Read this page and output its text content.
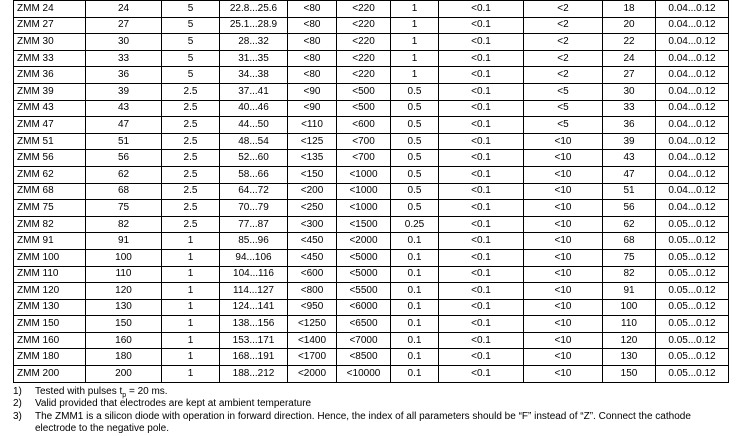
ZMM 24	24	5	22.8...25.6	<80	<220	1	<0.1	<2	18	0.04...0.12
ZMM 27	27	5	25.1...28.9	<80	<220	1	<0.1	<2	20	0.04...0.12
ZMM 30	30	5	28...32	<80	<220	1	<0.1	<2	22	0.04...0.12
ZMM 33	33	5	31...35	<80	<220	1	<0.1	<2	24	0.04...0.12
ZMM 36	36	5	34...38	<80	<220	1	<0.1	<2	27	0.04...0.12
ZMM 39	39	2.5	37...41	<90	<500	0.5	<0.1	<5	30	0.04...0.12
ZMM 43	43	2.5	40...46	<90	<500	0.5	<0.1	<5	33	0.04...0.12
ZMM 47	47	2.5	44...50	<110	<600	0.5	<0.1	<5	36	0.04...0.12
ZMM 51	51	2.5	48...54	<125	<700	0.5	<0.1	<10	39	0.04...0.12
ZMM 56	56	2.5	52...60	<135	<700	0.5	<0.1	<10	43	0.04...0.12
ZMM 62	62	2.5	58...66	<150	<1000	0.5	<0.1	<10	47	0.04...0.12
ZMM 68	68	2.5	64...72	<200	<1000	0.5	<0.1	<10	51	0.04...0.12
ZMM 75	75	2.5	70...79	<250	<1000	0.5	<0.1	<10	56	0.04...0.12
ZMM 82	82	2.5	77...87	<300	<1500	0.25	<0.1	<10	62	0.05...0.12
ZMM 91	91	1	85...96	<450	<2000	0.1	<0.1	<10	68	0.05...0.12
ZMM 100	100	1	94...106	<450	<5000	0.1	<0.1	<10	75	0.05...0.12
ZMM 110	110	1	104...116	<600	<5000	0.1	<0.1	<10	82	0.05...0.12
ZMM 120	120	1	114...127	<800	<5500	0.1	<0.1	<10	91	0.05...0.12
ZMM 130	130	1	124...141	<950	<6000	0.1	<0.1	<10	100	0.05...0.12
ZMM 150	150	1	138...156	<1250	<6500	0.1	<0.1	<10	110	0.05...0.12
ZMM 160	160	1	153...171	<1400	<7000	0.1	<0.1	<10	120	0.05...0.12
ZMM 180	180	1	168...191	<1700	<8500	0.1	<0.1	<10	130	0.05...0.12
ZMM 200	200	1	188...212	<2000	<10000	0.1	<0.1	<10	150	0.05...0.12
1)	Tested with pulses $t_p = 20$ ms.
2)	Valid provided that electrodes are kept at ambient temperature
3)	The ZMM1 is a silicon diode with operation in forward direction. Hence, the index of all parameters should be “F” instead of “Z”. Connect the cathode electrode to the negative pole.
